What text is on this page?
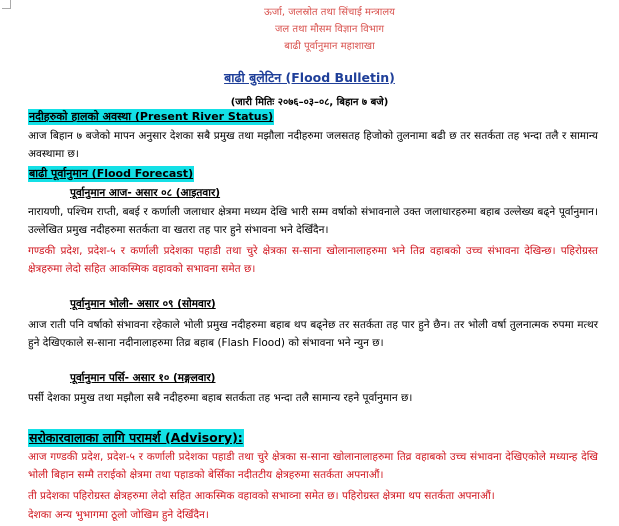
ऊर्जा, जलस्रोत तथा सिंचाई मन्त्रालय
जल तथा मौसम विज्ञान विभाग
बाढी पूर्वानुमान महाशाखा
बाढी बुलेटिन (Flood Bulletin)
(जारी मितिः २०७६–०३–०८, बिहान ७ बजे)
नदीहरुको हालको अवस्था (Present River Status)
आज बिहान ७ बजेको मापन अनुसार देशका सबै प्रमुख तथा मझौला नदीहरुमा जलसतह हिजोको तुलनामा बढी छ तर सतर्कता तह भन्दा तलै र सामान्य अवस्थामा छ।
बाढी पूर्वानुमान (Flood Forecast)
पूर्वानुमान आज- असार ०८ (आइतवार)
नारायणी, पश्चिम राप्ती, बबई र कर्णाली जलाधार क्षेत्रमा मध्यम देखि भारी सम्म वर्षाको संभावनाले उक्त जलाधारहरुमा बहाब उल्लेख्य बढ्ने पूर्वानुमान। उल्लेखित प्रमुख नदीहरुमा सतर्कता वा खतरा तह पार हुने संभावना भने देखिँदैन।
गण्डकी प्रदेश, प्रदेश-५ र कर्णाली प्रदेशका पहाडी तथा चुरे क्षेत्रका स-साना खोलानालाहरुमा भने तिव्र वहाबको उच्च संभावना देखिन्छ। पहिरोग्रस्त क्षेत्रहरुमा लेदो सहित आकस्मिक वहावको सभावना समेत छ।
पूर्वानुमान भोली- असार ०९ (सोमवार)
आज राती पनि वर्षाको संभावना रहेकाले भोली प्रमुख नदीहरुमा बहाब थप बढ्नेछ तर सतर्कता तह पार हुने छैन। तर भोली वर्षा तुलनात्मक रुपमा मत्थर हुने देखिएकाले स-साना नदीनालाहरुमा तिव्र बहाब (Flash Flood) को संभावना भने न्युन छ।
पूर्वानुमान पर्सि- असार १० (मङ्गलवार)
पर्सी देशका प्रमुख तथा मझौला सबै नदीहरुमा बहाब सतर्कता तह भन्दा तलै सामान्य रहने पूर्वानुमान छ।
सरोकारवालाका लागि परामर्श (Advisory):
आज गण्डकी प्रदेश, प्रदेश-५ र कर्णाली प्रदेशका पहाडी तथा चुरे क्षेत्रका स-साना खोलानालाहरुमा तिव्र वहाबको उच्च संभावना देखिएकोले मध्यान्ह देखि भोली बिहान सम्मै तराईको क्षेत्रमा तथा पहाडको बेसिँका नदीतटीय क्षेत्रहरुमा सतर्कता अपनाऔं।
ती प्रदेशका पहिरोग्रस्त क्षेत्रहरुमा लेदो सहित आकस्मिक वहावको सभाव्ना समेत छ। पहिरोग्रस्त क्षेत्रमा थप सतर्कता अपनाऔं।
देशका अन्य भुभागमा ठूलो जोखिम हुने देखिँदैन।
